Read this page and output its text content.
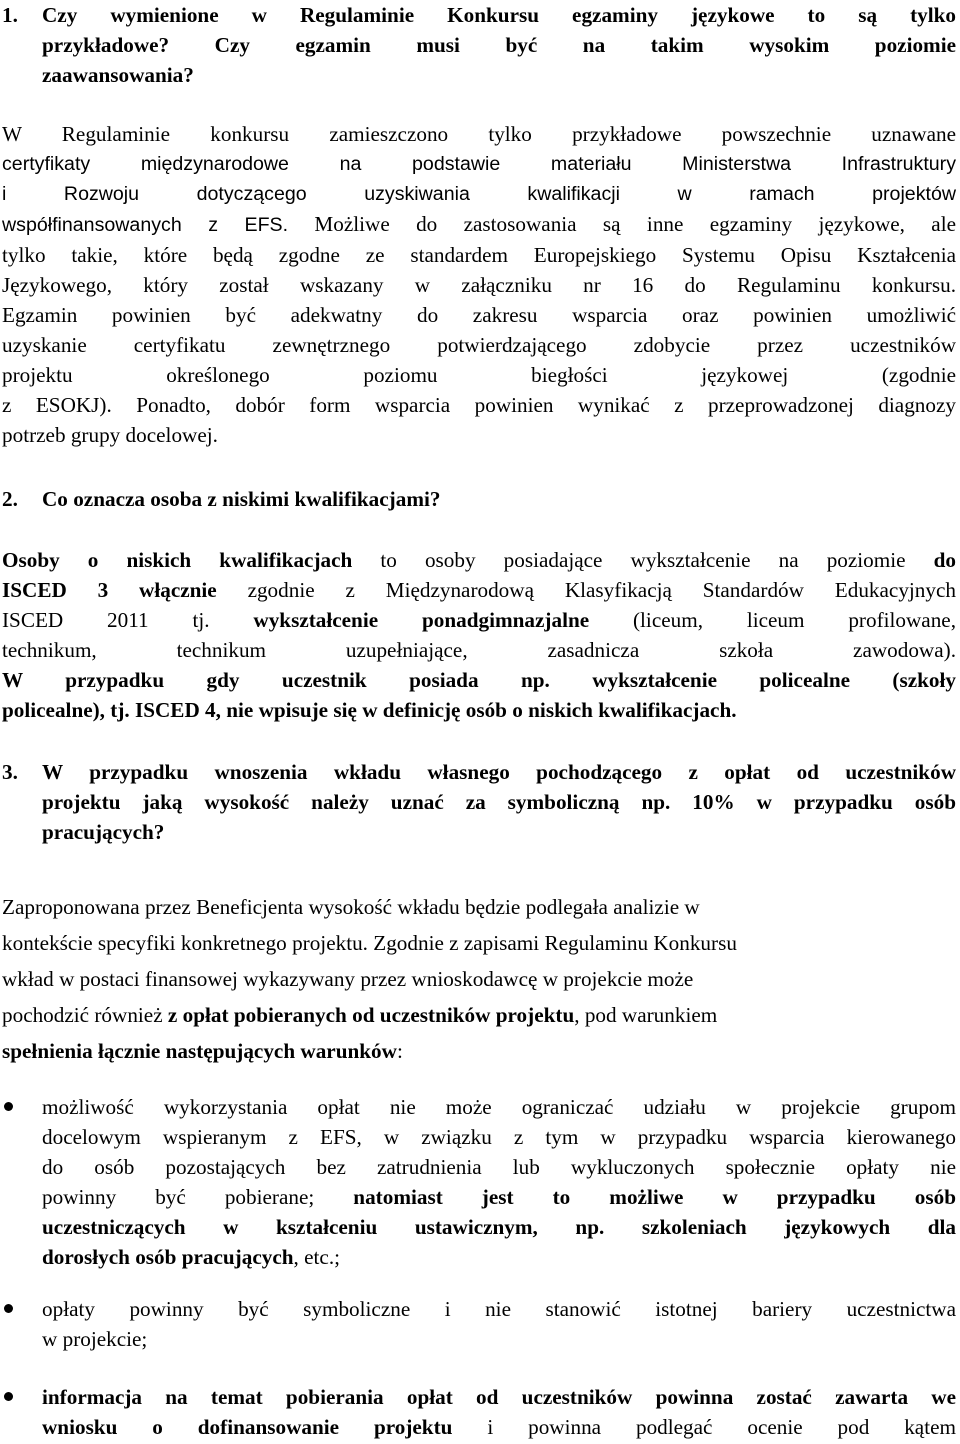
1.	Czy wymienione w Regulaminie Konkursu egzaminy językowe to są tylko

przykładowe? Czy egzamin musi być na takim wysokim poziomie

zaawansowania?

W Regulaminie konkursu zamieszczono tylko przykładowe powszechnie uznawane

certyfikaty międzynarodowe na podstawie materiału Ministerstwa Infrastruktury

i Rozwoju dotyczącego uzyskiwania kwalifikacji w ramach projektów

współfinansowanych z EFS. Możliwe do zastosowania są inne egzaminy językowe, ale

tylko takie, które będą zgodne ze standardem Europejskiego Systemu Opisu Kształcenia

Językowego, który został wskazany w załączniku nr 16 do Regulaminu konkursu.

Egzamin powinien być adekwatny do zakresu wsparcia oraz powinien umożliwić

uzyskanie certyfikatu zewnętrznego potwierdzającego zdobycie przez uczestników

projektu określonego poziomu biegłości językowej (zgodnie

z ESOKJ). Ponadto, dobór form wsparcia powinien wynikać z przeprowadzonej diagnozy

potrzeb grupy docelowej.

2.	Co oznacza osoba z niskimi kwalifikacjami?

Osoby o niskich kwalifikacjach to osoby posiadające wykształcenie na poziomie do

ISCED 3 włącznie zgodnie z Międzynarodową Klasyfikacją Standardów Edukacyjnych

ISCED 2011 tj. wykształcenie ponadgimnazjalne (liceum, liceum profilowane,

technikum, technikum uzupełniające, zasadnicza szkoła zawodowa).

W przypadku gdy uczestnik posiada np. wykształcenie policealne (szkoły

policealne), tj. ISCED 4, nie wpisuje się w definicję osób o niskich kwalifikacjach.

3.	W przypadku wnoszenia wkładu własnego pochodzącego z opłat od uczestników

projektu jaką wysokość należy uznać za symboliczną np. 10% w przypadku osób

pracujących?

Zaproponowana przez Beneficjenta wysokość wkładu będzie podlegała analizie w

kontekście specyfiki konkretnego projektu. Zgodnie z zapisami Regulaminu Konkursu

wkład w postaci finansowej wykazywany przez wnioskodawcę w projekcie może

pochodzić również z opłat pobieranych od uczestników projektu, pod warunkiem

spełnienia łącznie następujących warunków:

możliwość wykorzystania opłat nie może ograniczać udziału w projekcie grupom

docelowym wspieranym z EFS, w związku z tym w przypadku wsparcia kierowanego

do osób pozostających bez zatrudnienia lub wykluczonych społecznie opłaty nie

powinny być pobierane; natomiast jest to możliwe w przypadku osób

uczestniczących w kształceniu ustawicznym, np. szkoleniach językowych dla

dorosłych osób pracujących, etc.;

opłaty powinny być symboliczne i nie stanowić istotnej bariery uczestnictwa

w projekcie;

informacja na temat pobierania opłat od uczestników powinna zostać zawarta we

wniosku o dofinansowanie projektu i powinna podlegać ocenie pod kątem
